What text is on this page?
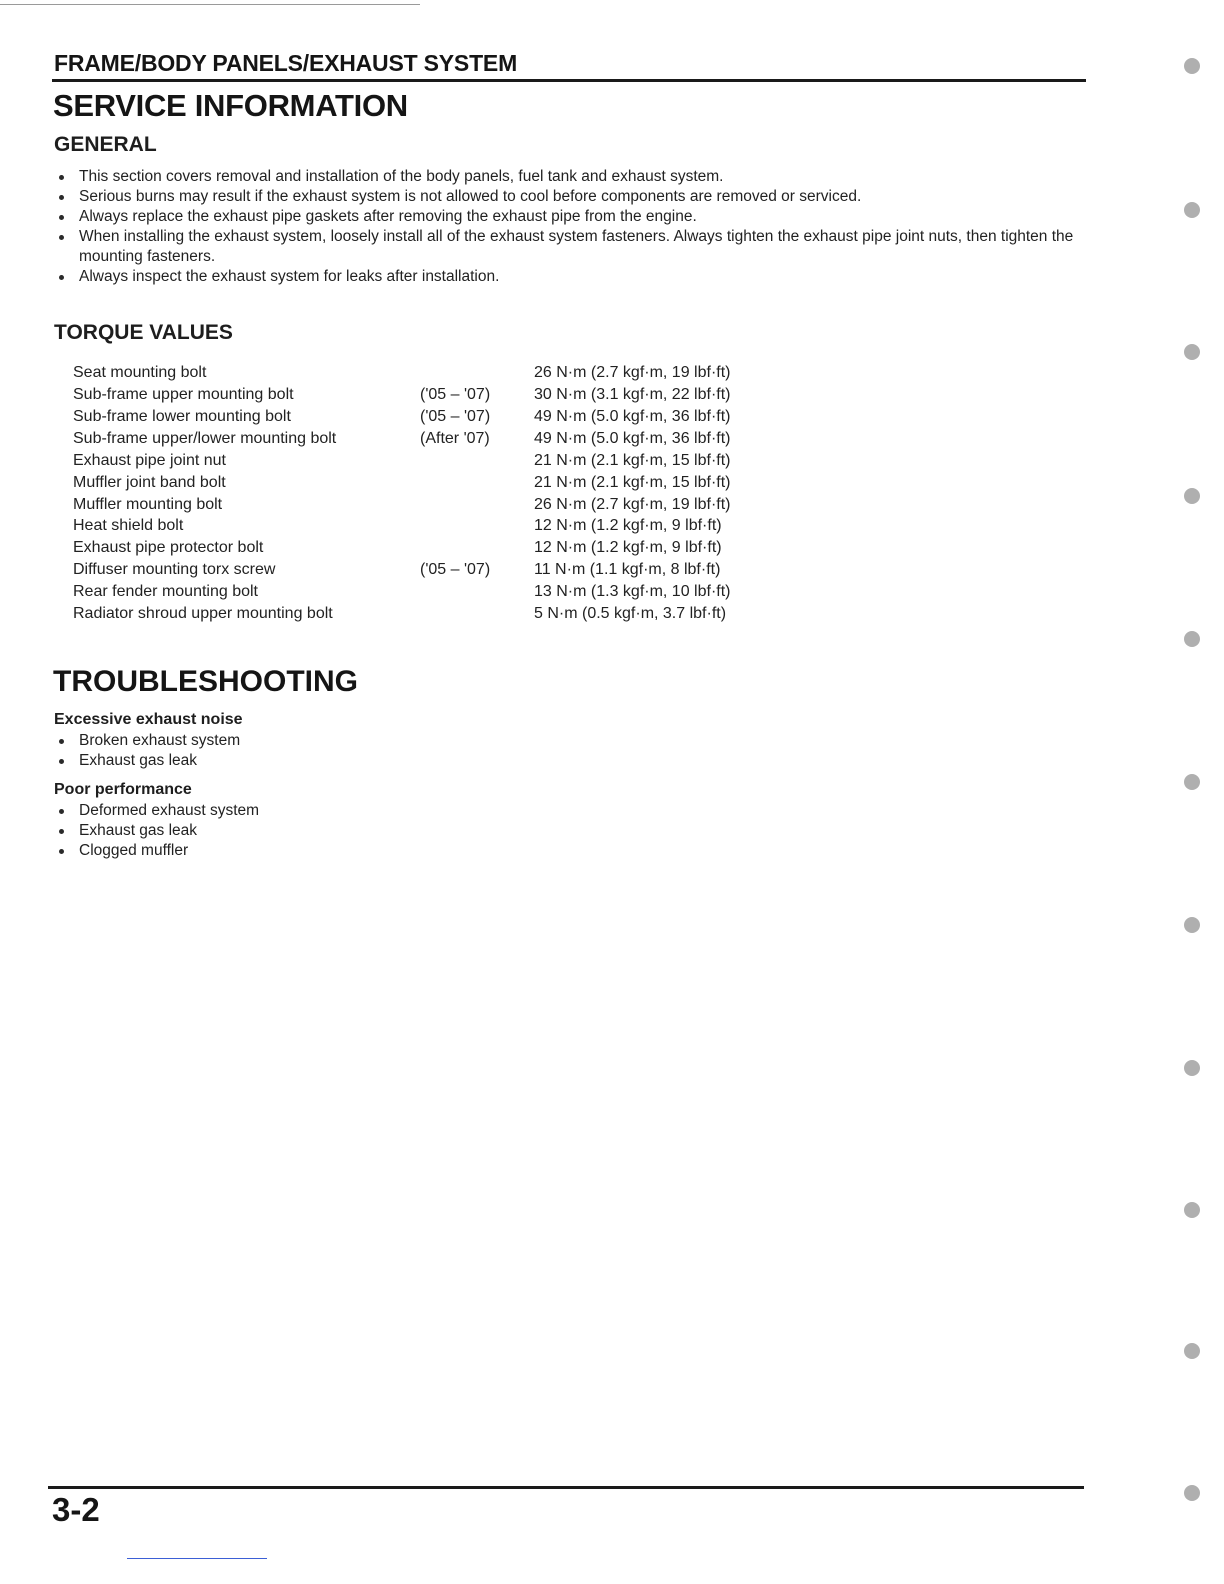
FRAME/BODY PANELS/EXHAUST SYSTEM
SERVICE INFORMATION
GENERAL
This section covers removal and installation of the body panels, fuel tank and exhaust system.
Serious burns may result if the exhaust system is not allowed to cool before components are removed or serviced.
Always replace the exhaust pipe gaskets after removing the exhaust pipe from the engine.
When installing the exhaust system, loosely install all of the exhaust system fasteners. Always tighten the exhaust pipe joint nuts, then tighten the mounting fasteners.
Always inspect the exhaust system for leaks after installation.
TORQUE VALUES
Seat mounting bolt	26 N·m (2.7 kgf·m, 19 lbf·ft)
Sub-frame upper mounting bolt	('05 – '07)	30 N·m (3.1 kgf·m, 22 lbf·ft)
Sub-frame lower mounting bolt	('05 – '07)	49 N·m (5.0 kgf·m, 36 lbf·ft)
Sub-frame upper/lower mounting bolt	(After '07)	49 N·m (5.0 kgf·m, 36 lbf·ft)
Exhaust pipe joint nut	21 N·m (2.1 kgf·m, 15 lbf·ft)
Muffler joint band bolt	21 N·m (2.1 kgf·m, 15 lbf·ft)
Muffler mounting bolt	26 N·m (2.7 kgf·m, 19 lbf·ft)
Heat shield bolt	12 N·m (1.2 kgf·m, 9 lbf·ft)
Exhaust pipe protector bolt	12 N·m (1.2 kgf·m, 9 lbf·ft)
Diffuser mounting torx screw	('05 – '07)	11 N·m (1.1 kgf·m, 8 lbf·ft)
Rear fender mounting bolt	13 N·m (1.3 kgf·m, 10 lbf·ft)
Radiator shroud upper mounting bolt	5 N·m (0.5 kgf·m, 3.7 lbf·ft)
TROUBLESHOOTING
Excessive exhaust noise
Broken exhaust system
Exhaust gas leak
Poor performance
Deformed exhaust system
Exhaust gas leak
Clogged muffler
3-2
